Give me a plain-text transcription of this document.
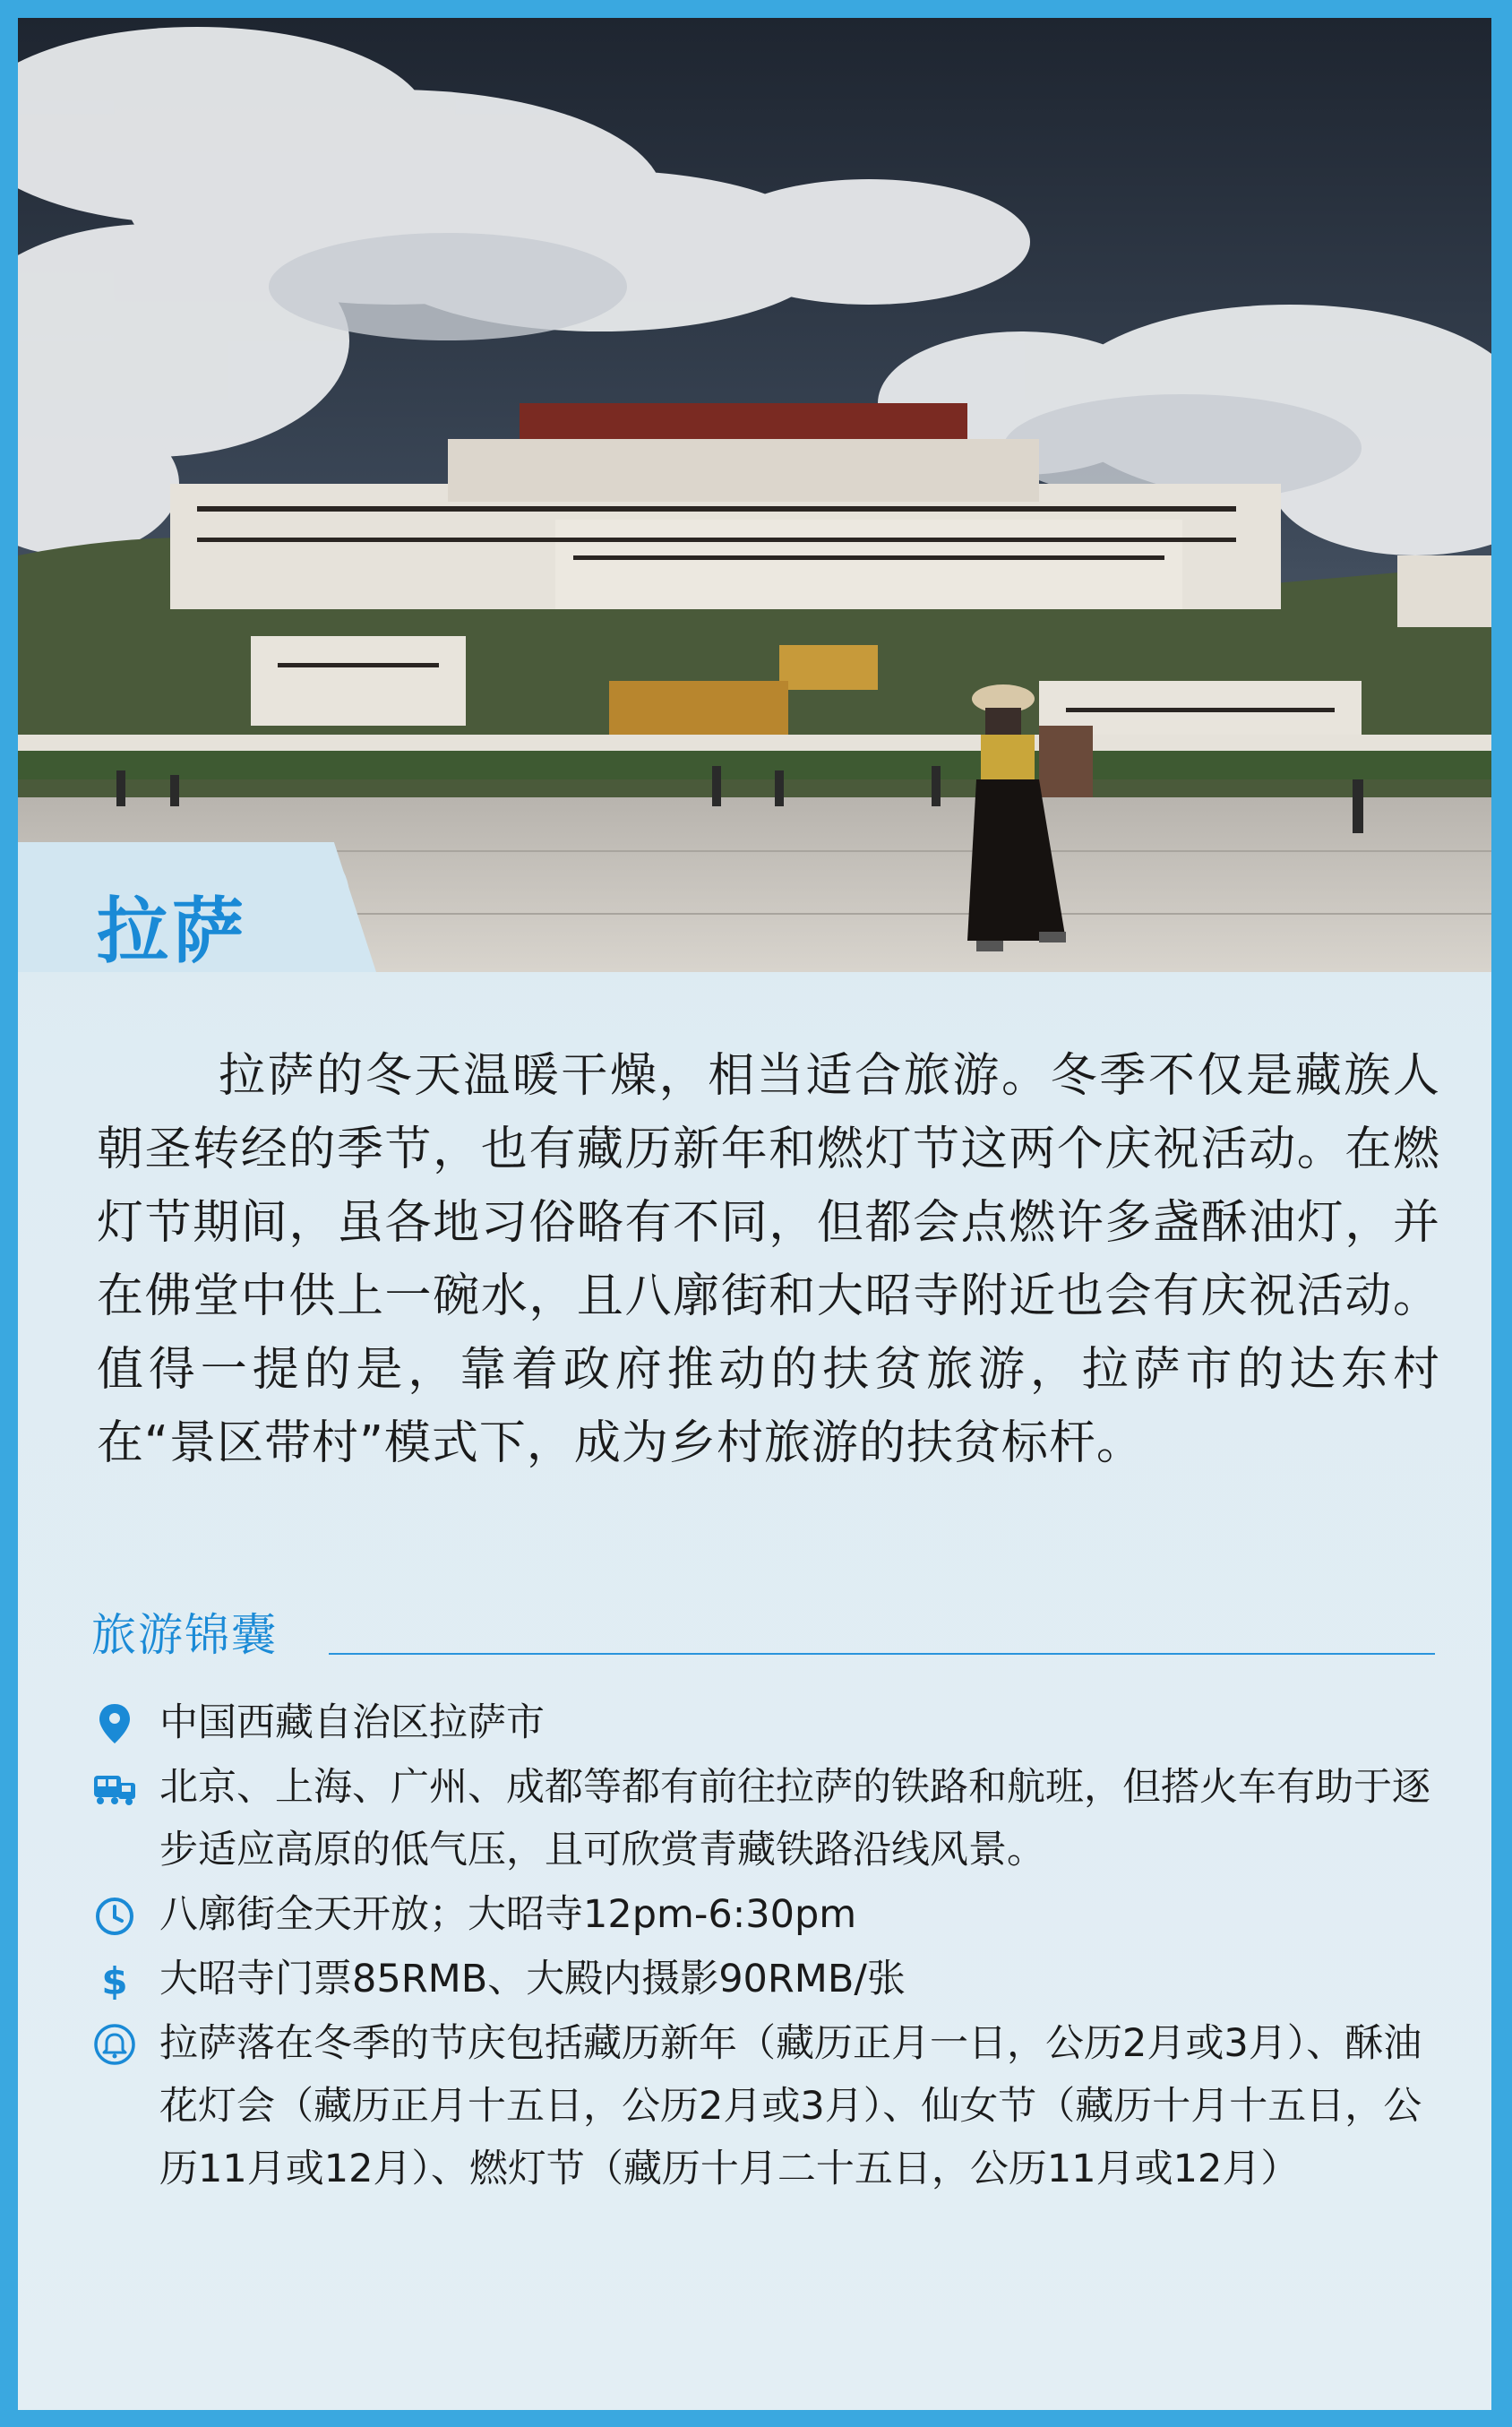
拉萨
拉萨的冬天温暖干燥，相当适合旅游。冬季不仅是藏族人朝圣转经的季节，也有藏历新年和燃灯节这两个庆祝活动。在燃灯节期间，虽各地习俗略有不同，但都会点燃许多盏酥油灯，并在佛堂中供上一碗水，且八廓街和大昭寺附近也会有庆祝活动。值得一提的是，靠着政府推动的扶贫旅游，拉萨市的达东村在“景区带村”模式下，成为乡村旅游的扶贫标杆。
旅游锦囊
中国西藏自治区拉萨市
北京、上海、广州、成都等都有前往拉萨的铁路和航班，但搭火车有助于逐步适应高原的低气压，且可欣赏青藏铁路沿线风景。
八廓街全天开放；大昭寺12pm-6:30pm
$ 大昭寺门票85RMB、大殿内摄影90RMB/张
拉萨落在冬季的节庆包括藏历新年（藏历正月一日，公历2月或3月）、酥油花灯会（藏历正月十五日，公历2月或3月）、仙女节（藏历十月十五日，公历11月或12月）、燃灯节（藏历十月二十五日，公历11月或12月）
